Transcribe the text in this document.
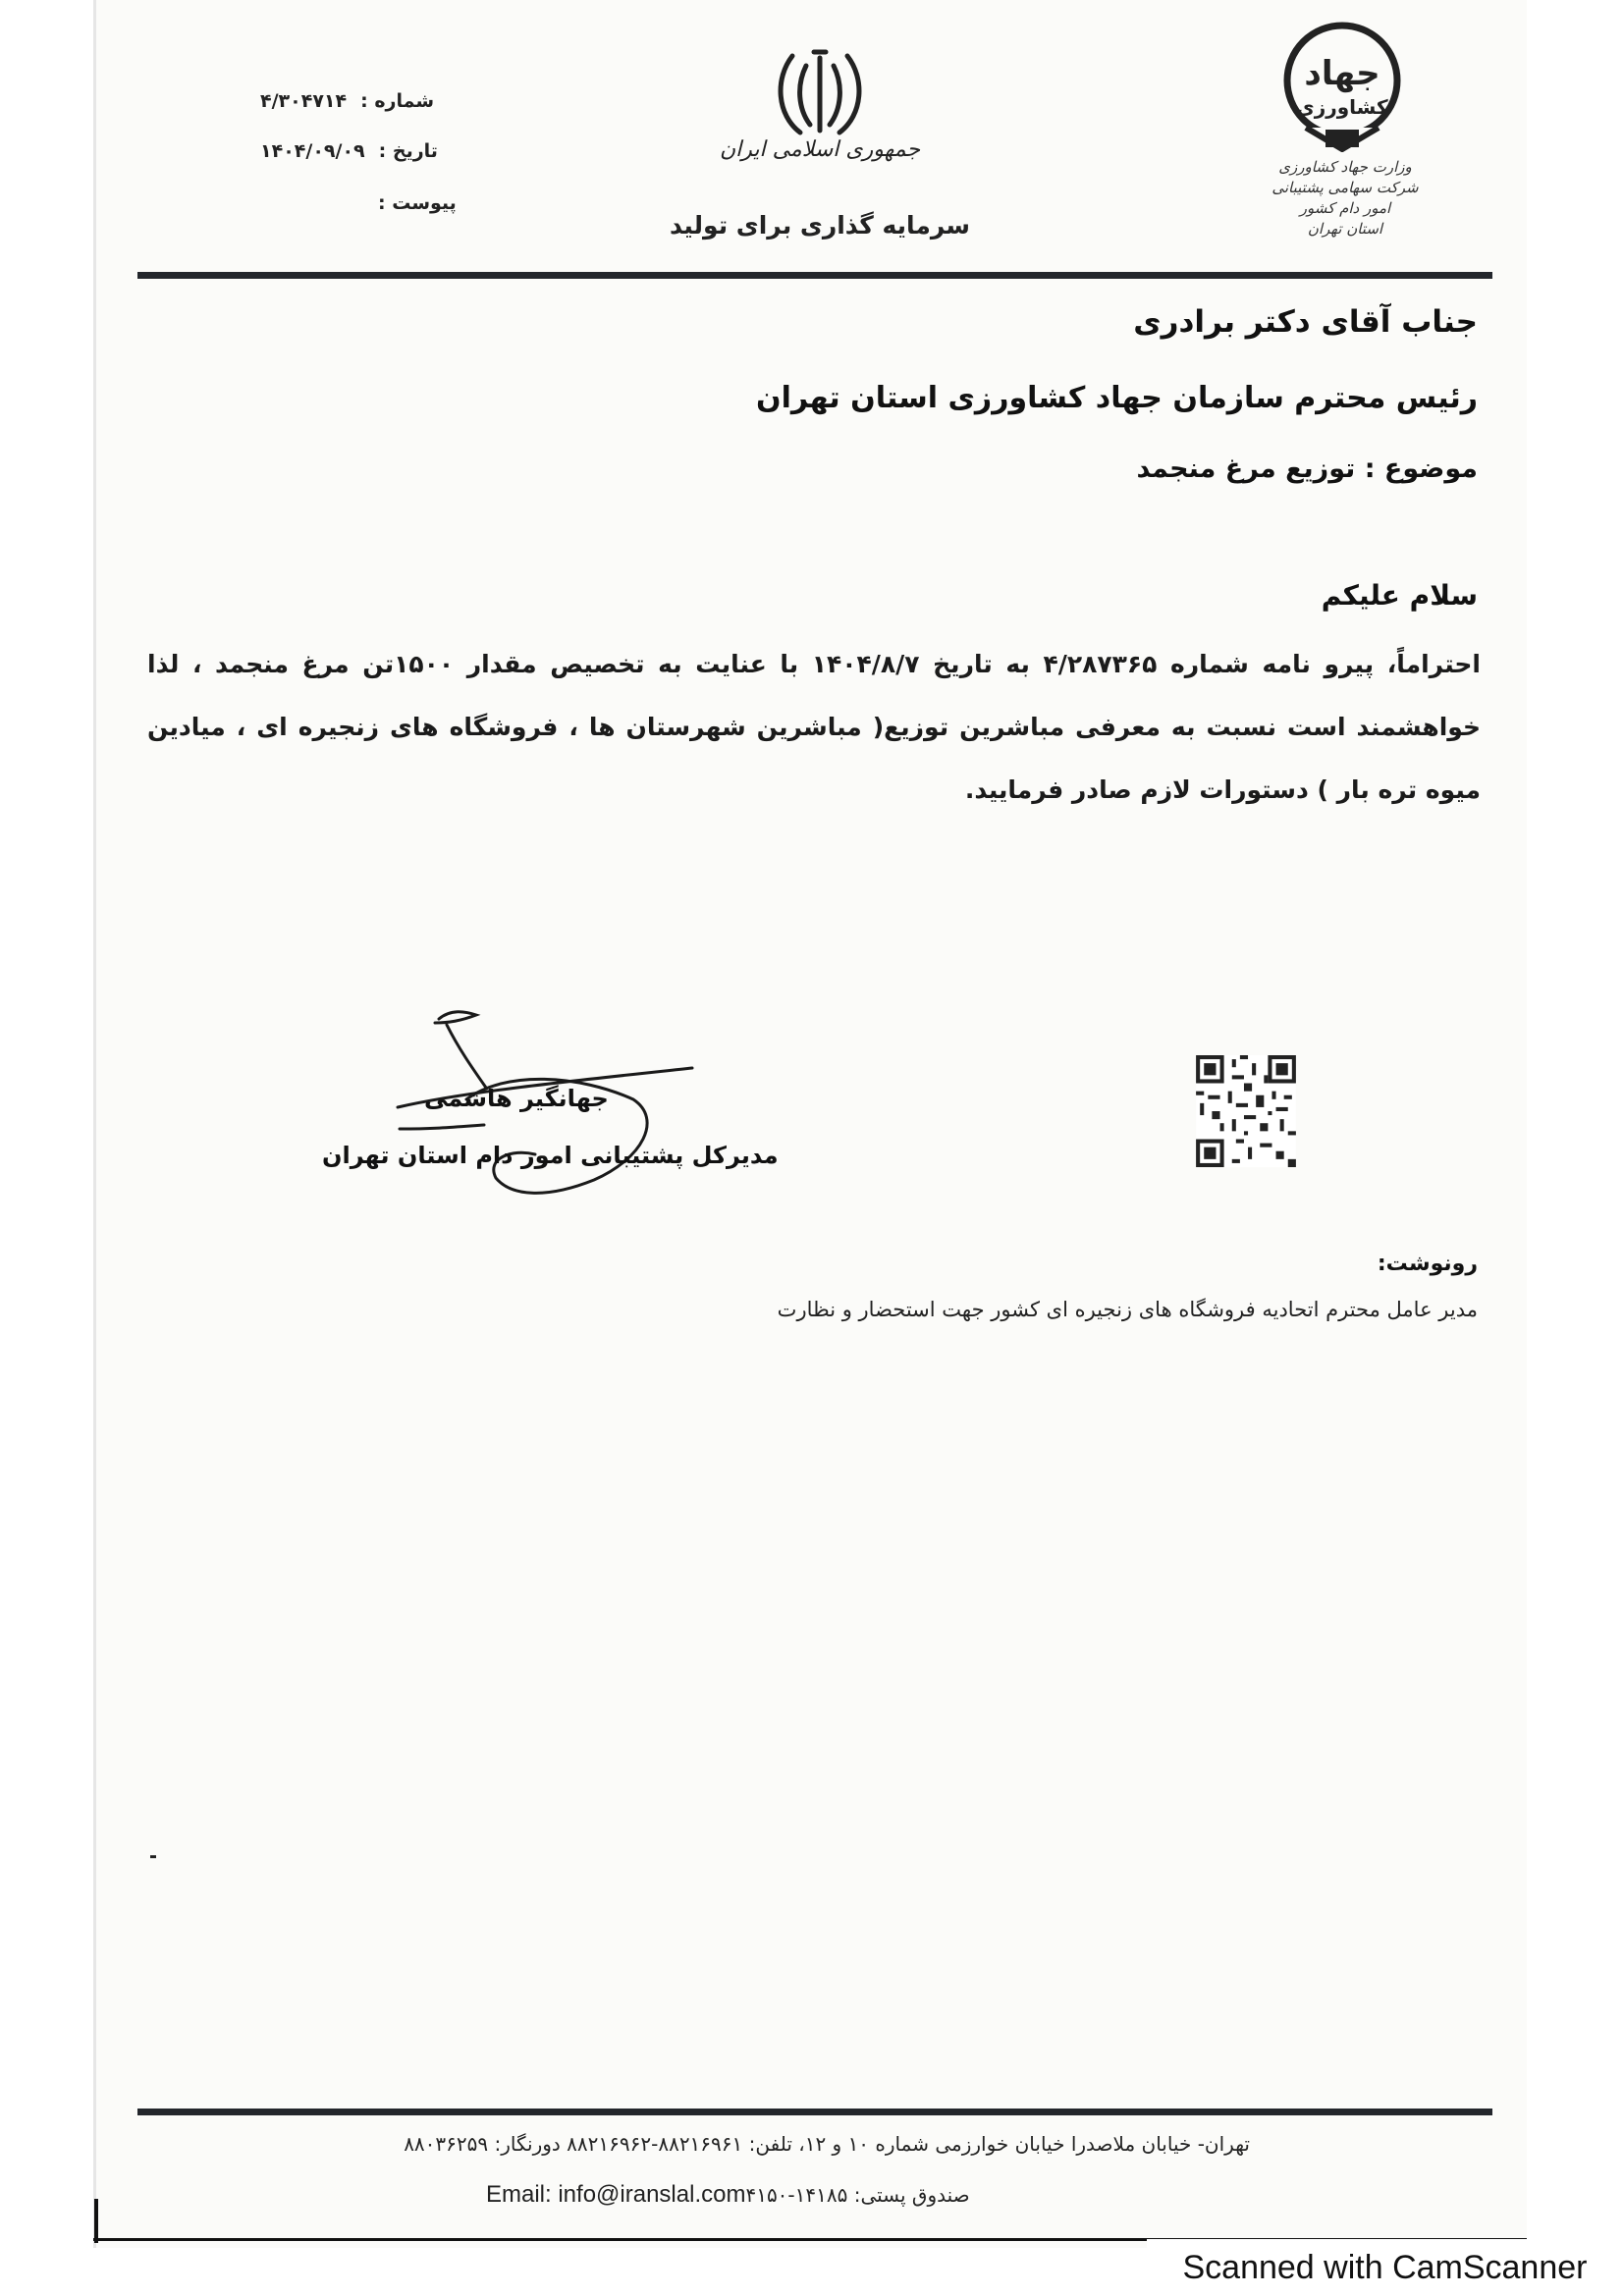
شماره :۴/۳۰۴۷۱۴
تاریخ :۱۴۰۴/۰۹/۰۹
پیوست :
جمهوری اسلامی ایران
سرمایه گذاری برای تولید
جهاد
کشاورزی
وزارت جهاد کشاورزی
شرکت سهامی پشتیبانی امور دام کشور
استان تهران
جناب آقای دکتر برادری
رئیس محترم سازمان جهاد کشاورزی استان تهران
موضوع : توزیع مرغ منجمد
سلام علیکم
احتراماً، پیرو نامه شماره ۴/۲۸۷۳۶۵ به تاریخ ۱۴۰۴/۸/۷ با عنایت به تخصیص مقدار ۱۵۰۰تن مرغ منجمد ، لذا خواهشمند است نسبت به معرفی مباشرین توزیع( مباشرین شهرستان ها ، فروشگاه های زنجیره ای ، میادین میوه تره بار ) دستورات لازم صادر فرمایید.
جهانگیر هاشمی
مدیرکل پشتیبانی امور دام استان تهران
رونوشت:
مدیر عامل محترم اتحادیه فروشگاه های زنجیره ای کشور جهت استحضار و نظارت
تهران- خیابان ملاصدرا خیابان خوارزمی شماره ۱۰ و ۱۲، تلفن: ۸۸۲۱۶۹۶۱-۸۸۲۱۶۹۶۲ دورنگار: ۸۸۰۳۶۲۵۹
Email: info@iranslal.comصندوق پستی: ۱۴۱۸۵-۴۱۵۰
Scanned with CamScanner
